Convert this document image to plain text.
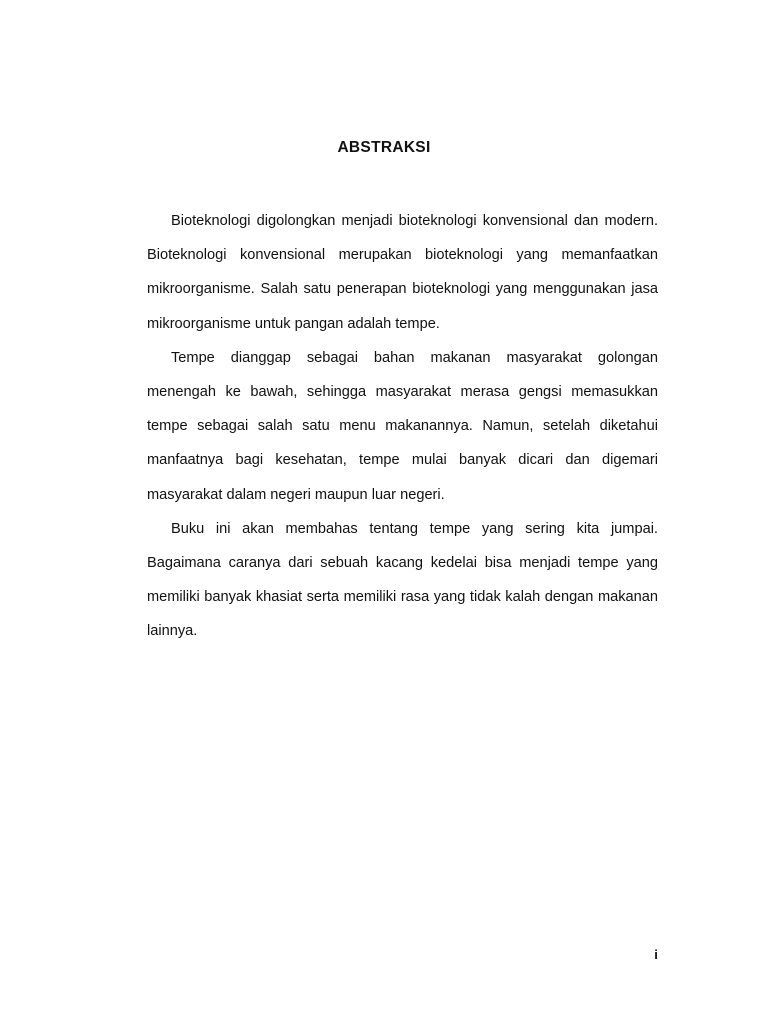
ABSTRAKSI

Bioteknologi digolongkan menjadi bioteknologi konvensional dan modern. Bioteknologi konvensional merupakan bioteknologi yang memanfaatkan mikroorganisme. Salah satu penerapan bioteknologi yang menggunakan jasa mikroorganisme untuk pangan adalah tempe.

Tempe dianggap sebagai bahan makanan masyarakat golongan menengah ke bawah, sehingga masyarakat merasa gengsi memasukkan tempe sebagai salah satu menu makanannya. Namun, setelah diketahui manfaatnya bagi kesehatan, tempe mulai banyak dicari dan digemari masyarakat dalam negeri maupun luar negeri.

Buku ini akan membahas tentang tempe yang sering kita jumpai. Bagaimana caranya dari sebuah kacang kedelai bisa menjadi tempe yang memiliki banyak khasiat serta memiliki rasa yang tidak kalah dengan makanan lainnya.

i
